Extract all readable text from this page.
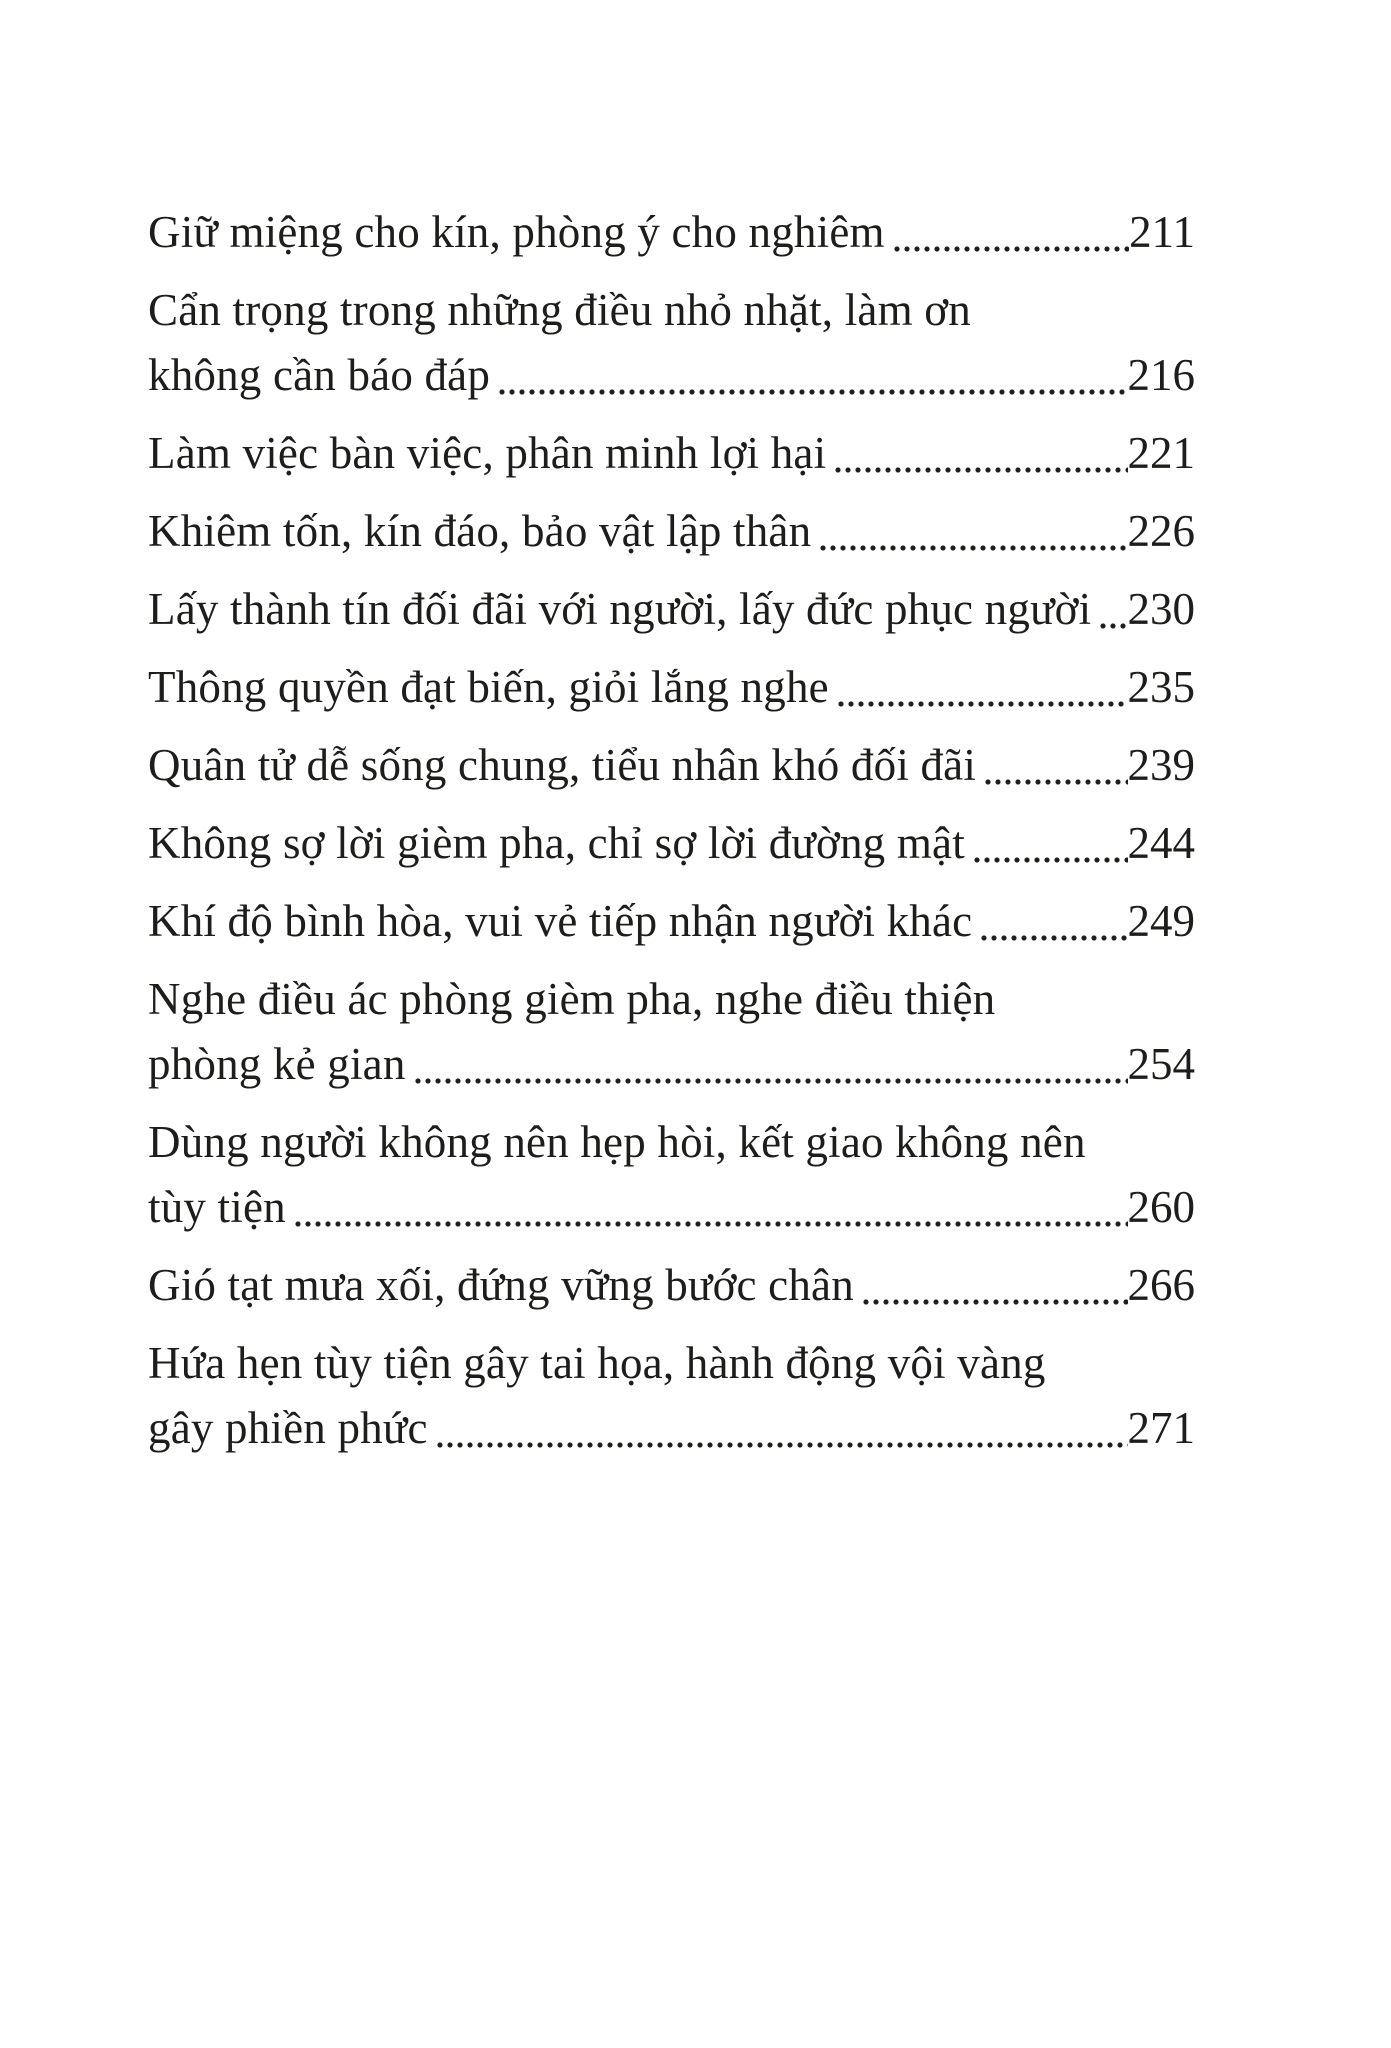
Giữ miệng cho kín, phòng ý cho nghiêm	211
Cẩn trọng trong những điều nhỏ nhặt, làm ơn
không cần báo đáp	216
Làm việc bàn việc, phân minh lợi hại	221
Khiêm tốn, kín đáo, bảo vật lập thân	226
Lấy thành tín đối đãi với người, lấy đức phục người 230
Thông quyền đạt biến, giỏi lắng nghe	235
Quân tử dễ sống chung, tiểu nhân khó đối đãi	239
Không sợ lời gièm pha, chỉ sợ lời đường mật	244
Khí độ bình hòa, vui vẻ tiếp nhận người khác	249
Nghe điều ác phòng gièm pha, nghe điều thiện
phòng kẻ gian	254
Dùng người không nên hẹp hòi, kết giao không nên
tùy tiện	260
Gió tạt mưa xối, đứng vững bước chân	266
Hứa hẹn tùy tiện gây tai họa, hành động vội vàng
gây phiền phức	271
